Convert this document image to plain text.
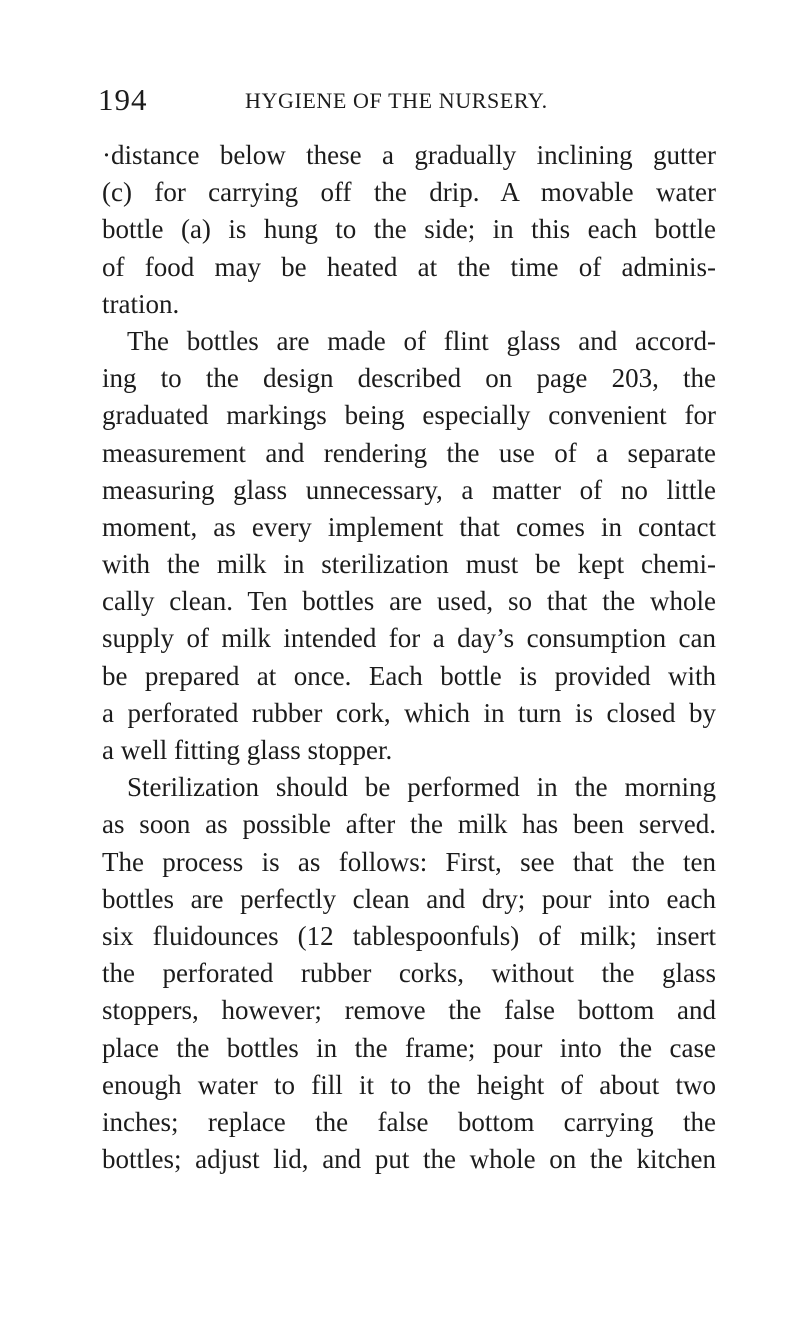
194	HYGIENE OF THE NURSERY.
·distance below these a gradually inclining gutter
(c) for carrying off the drip. A movable water
bottle (a) is hung to the side; in this each bottle
of food may be heated at the time of adminis-
tration.
The bottles are made of flint glass and accord-
ing to the design described on page 203, the
graduated markings being especially convenient for
measurement and rendering the use of a separate
measuring glass unnecessary, a matter of no little
moment, as every implement that comes in contact
with the milk in sterilization must be kept chemi-
cally clean. Ten bottles are used, so that the whole
supply of milk intended for a day’s consumption can
be prepared at once. Each bottle is provided with
a perforated rubber cork, which in turn is closed by
a well fitting glass stopper.
Sterilization should be performed in the morning
as soon as possible after the milk has been served.
The process is as follows: First, see that the ten
bottles are perfectly clean and dry; pour into each
six fluidounces (12 tablespoonfuls) of milk; insert
the perforated rubber corks, without the glass
stoppers, however; remove the false bottom and
place the bottles in the frame; pour into the case
enough water to fill it to the height of about two
inches; replace the false bottom carrying the
bottles; adjust lid, and put the whole on the kitchen
